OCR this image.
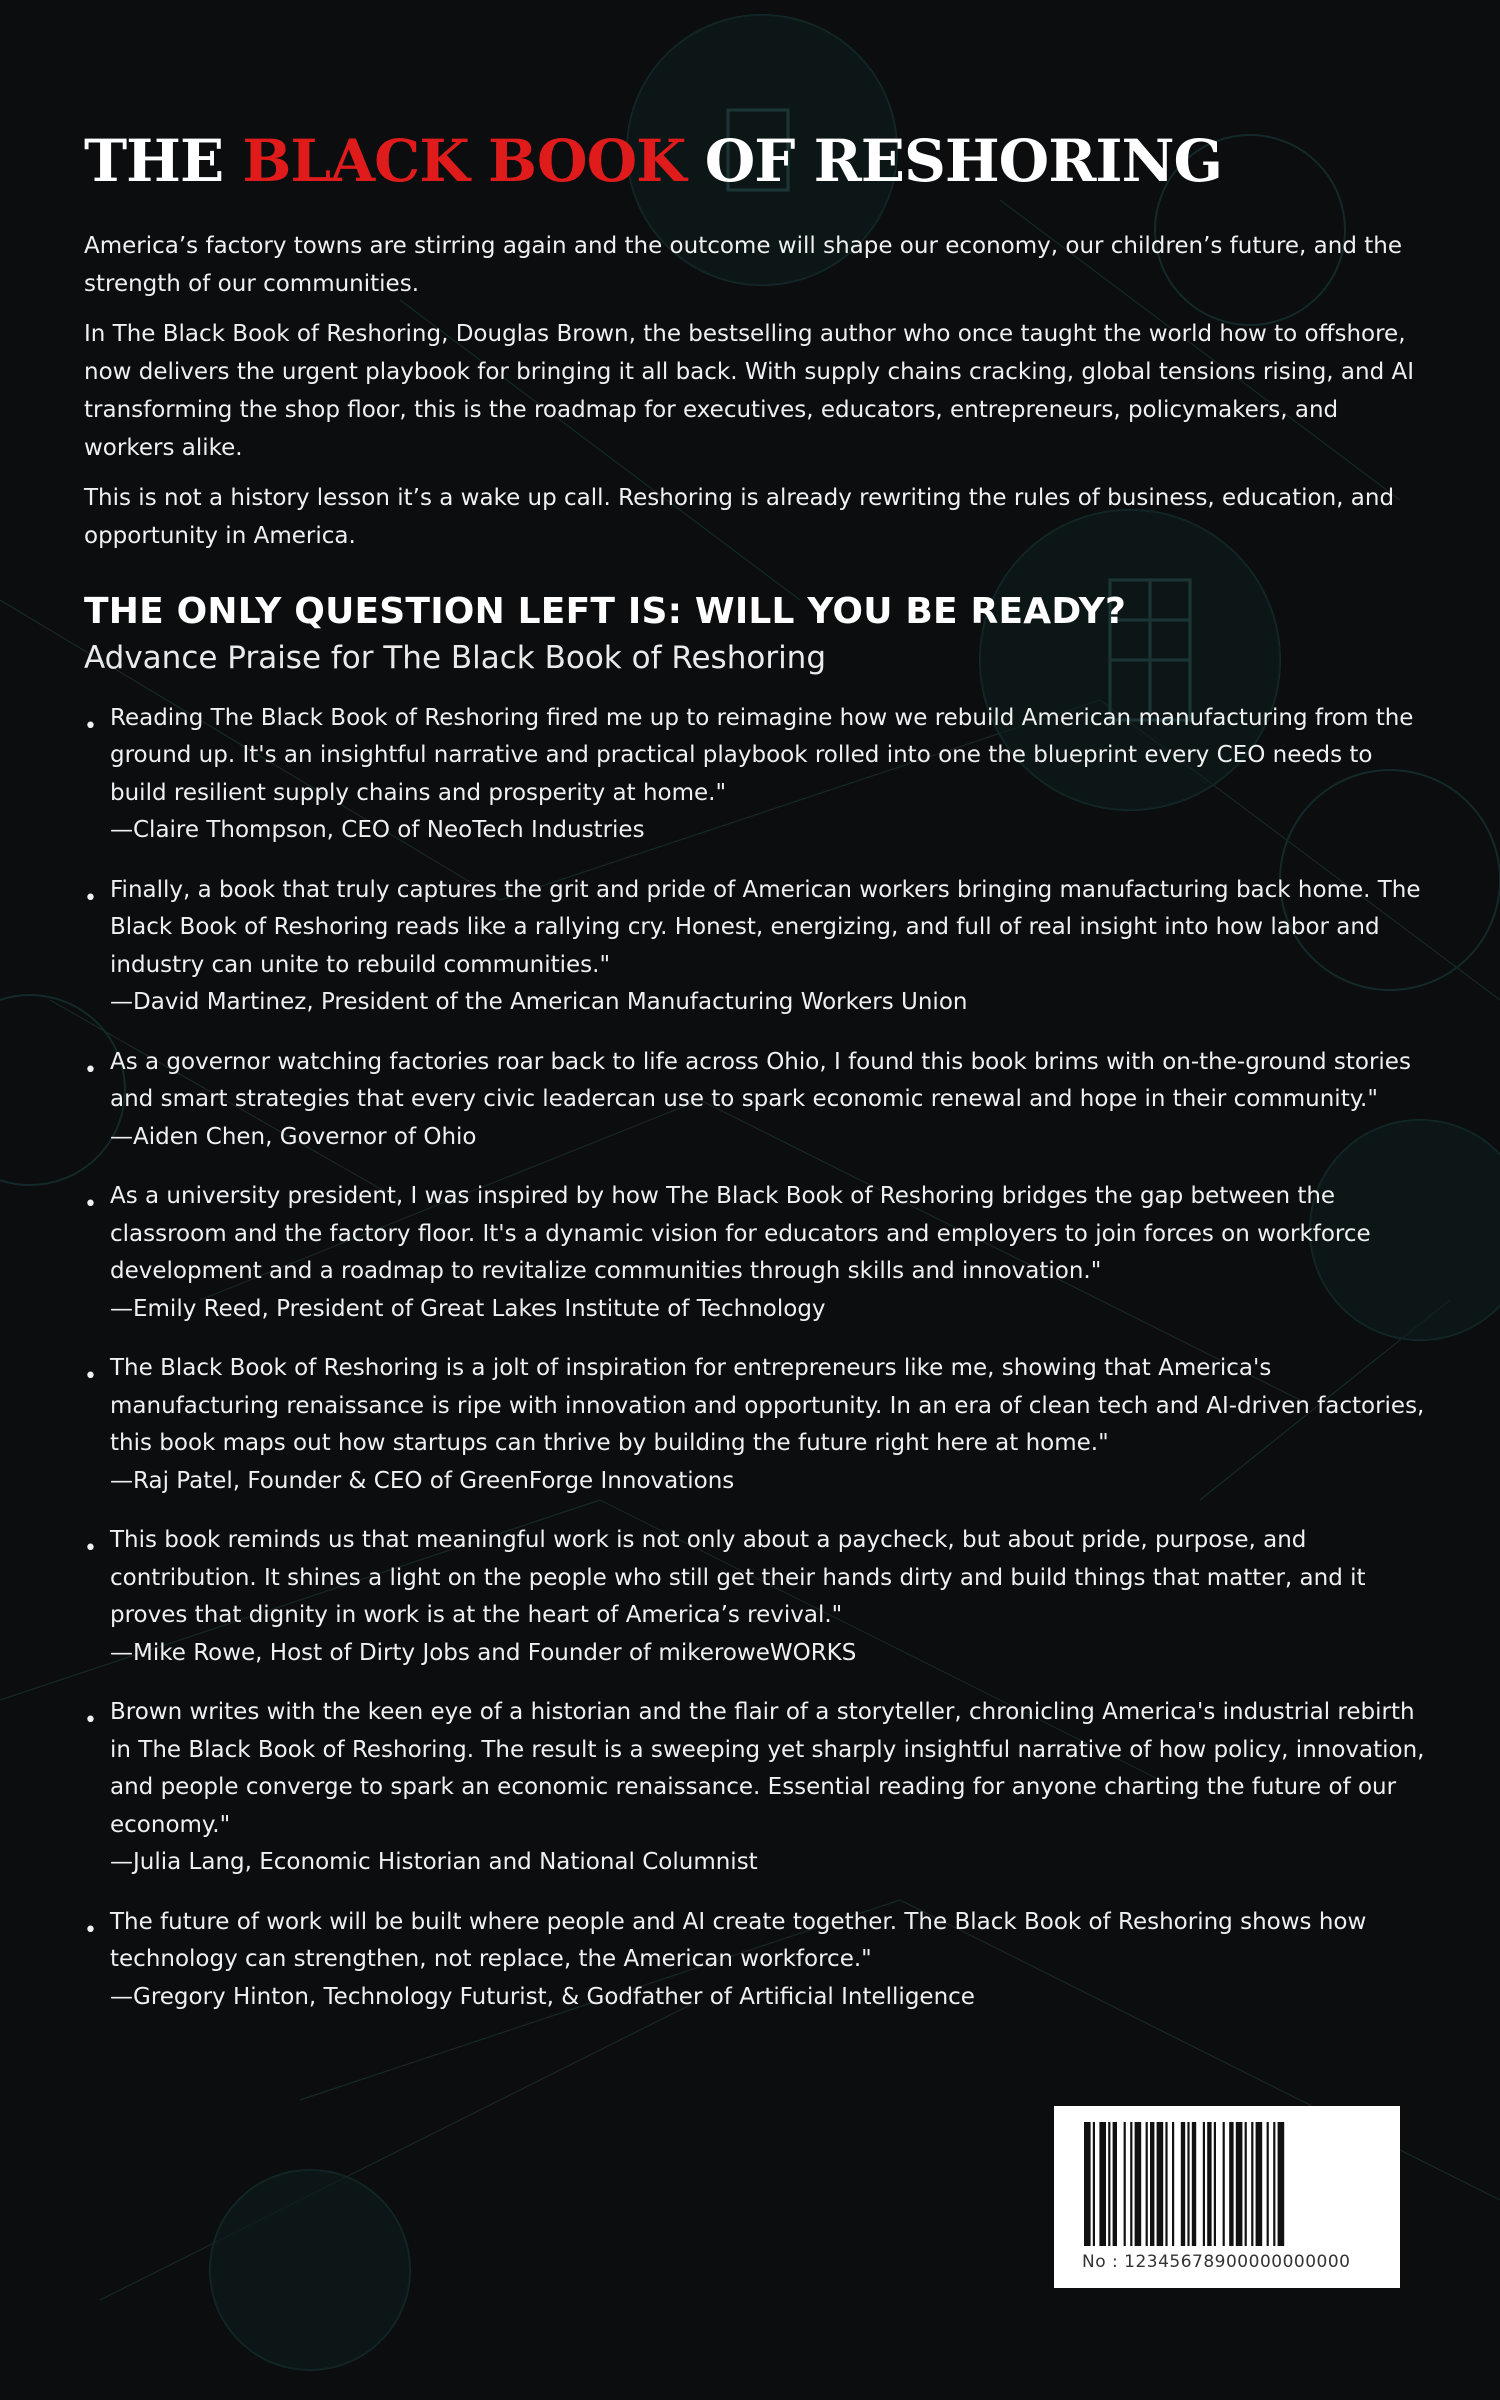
THE BLACK BOOK OF RESHORING

America’s factory towns are stirring again and the outcome will shape our economy, our children’s future, and the strength of our communities.

In The Black Book of Reshoring, Douglas Brown, the bestselling author who once taught the world how to offshore, now delivers the urgent playbook for bringing it all back. With supply chains cracking, global tensions rising, and AI transforming the shop floor, this is the roadmap for executives, educators, entrepreneurs, policymakers, and workers alike.

This is not a history lesson it’s a wake up call. Reshoring is already rewriting the rules of business, education, and opportunity in America.

THE ONLY QUESTION LEFT IS: WILL YOU BE READY?
Advance Praise for The Black Book of Reshoring
• Reading The Black Book of Reshoring fired me up to reimagine how we rebuild American manufacturing from the ground up. It's an insightful narrative and practical playbook rolled into one the blueprint every CEO needs to build resilient supply chains and prosperity at home."
—Claire Thompson, CEO of NeoTech Industries
• Finally, a book that truly captures the grit and pride of American workers bringing manufacturing back home. The Black Book of Reshoring reads like a rallying cry. Honest, energizing, and full of real insight into how labor and industry can unite to rebuild communities."
—David Martinez, President of the American Manufacturing Workers Union
• As a governor watching factories roar back to life across Ohio, I found this book brims with on-the-ground stories and smart strategies that every civic leadercan use to spark economic renewal and hope in their community."
—Aiden Chen, Governor of Ohio
• As a university president, I was inspired by how The Black Book of Reshoring bridges the gap between the classroom and the factory floor. It's a dynamic vision for educators and employers to join forces on workforce development and a roadmap to revitalize communities through skills and innovation."
—Emily Reed, President of Great Lakes Institute of Technology
• The Black Book of Reshoring is a jolt of inspiration for entrepreneurs like me, showing that America's manufacturing renaissance is ripe with innovation and opportunity. In an era of clean tech and AI-driven factories, this book maps out how startups can thrive by building the future right here at home."
—Raj Patel, Founder & CEO of GreenForge Innovations
• This book reminds us that meaningful work is not only about a paycheck, but about pride, purpose, and contribution. It shines a light on the people who still get their hands dirty and build things that matter, and it proves that dignity in work is at the heart of America’s revival."
—Mike Rowe, Host of Dirty Jobs and Founder of mikeroweWORKS
• Brown writes with the keen eye of a historian and the flair of a storyteller, chronicling America's industrial rebirth in The Black Book of Reshoring. The result is a sweeping yet sharply insightful narrative of how policy, innovation, and people converge to spark an economic renaissance. Essential reading for anyone charting the future of our economy."
—Julia Lang, Economic Historian and National Columnist
• The future of work will be built where people and AI create together. The Black Book of Reshoring shows how technology can strengthen, not replace, the American workforce."
—Gregory Hinton, Technology Futurist, & Godfather of Artificial Intelligence
No : 12345678900000000000
